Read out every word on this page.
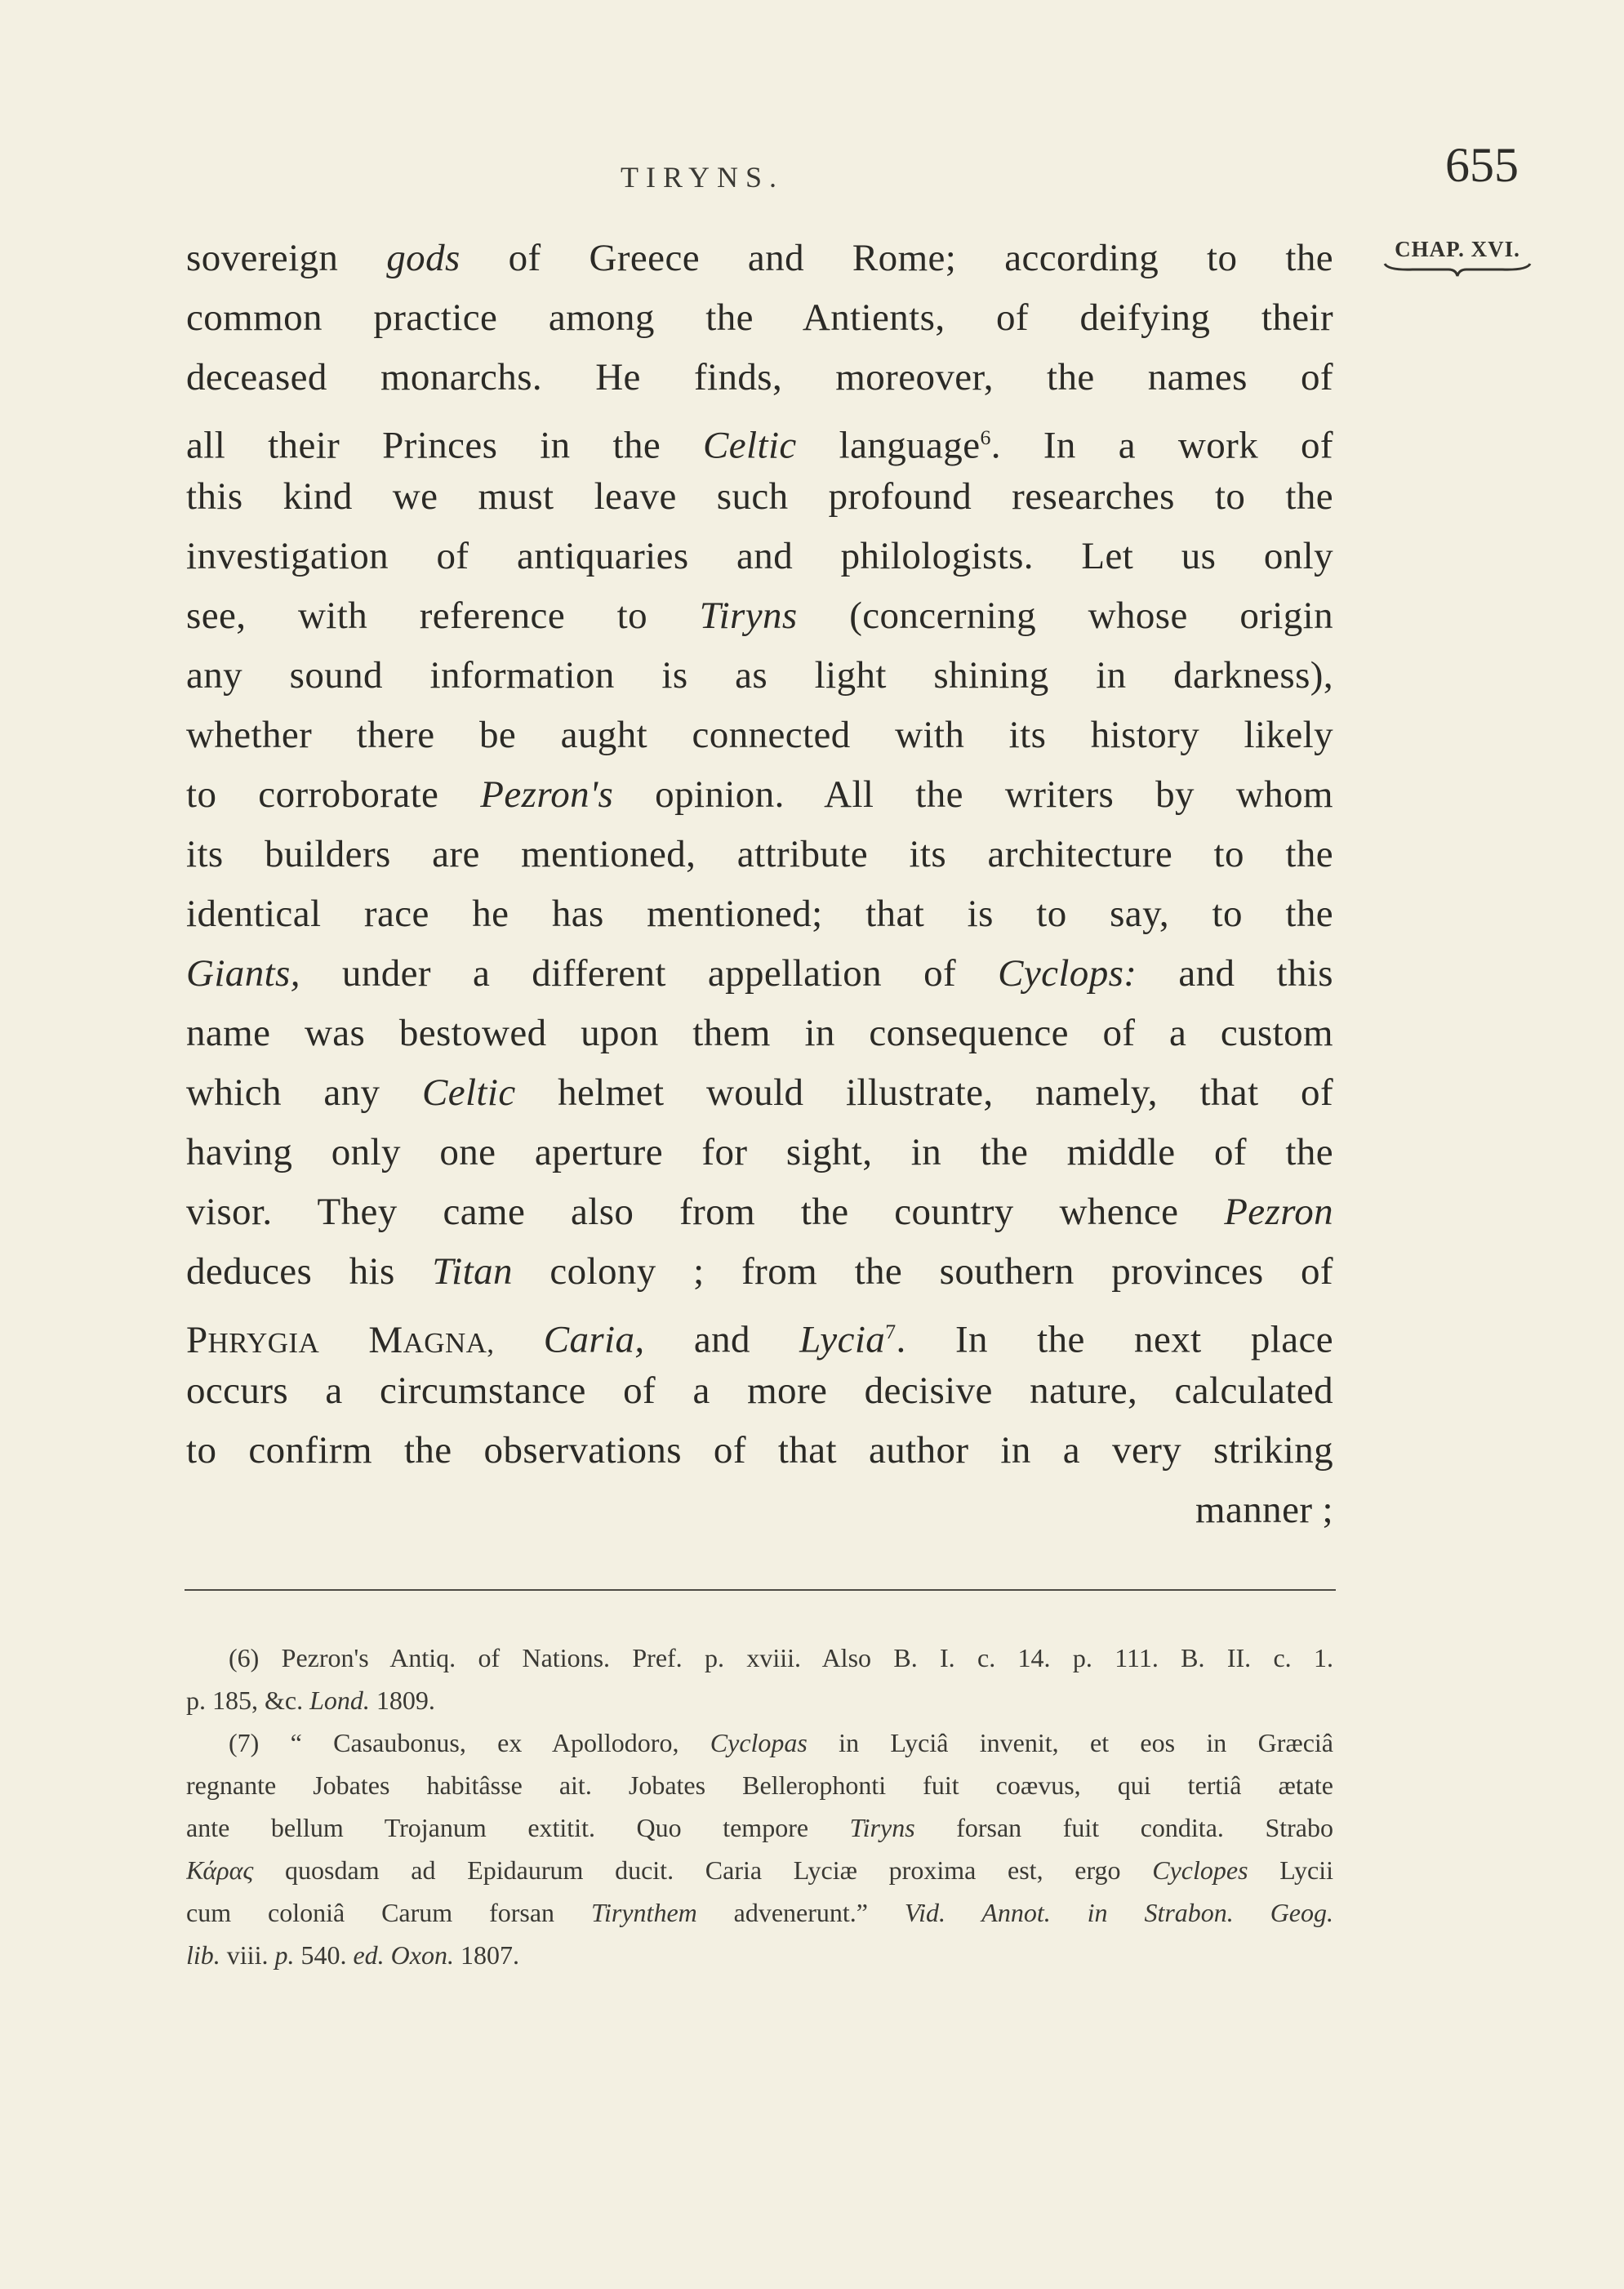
TIRYNS.	655
CHAP. XVI.
sovereign gods of Greece and Rome; according to the
common practice among the Antients, of deifying their
deceased monarchs. He finds, moreover, the names of
all their Princes in the Celtic language$^6$. In a work of
this kind we must leave such profound researches to the
investigation of antiquaries and philologists. Let us only
see, with reference to Tiryns (concerning whose origin
any sound information is as light shining in darkness),
whether there be aught connected with its history likely
to corroborate Pezron's opinion. All the writers by whom
its builders are mentioned, attribute its architecture to the
identical race he has mentioned; that is to say, to the
Giants, under a different appellation of Cyclops: and this
name was bestowed upon them in consequence of a custom
which any Celtic helmet would illustrate, namely, that of
having only one aperture for sight, in the middle of the
visor. They came also from the country whence Pezron
deduces his Titan colony ; from the southern provinces of
PHRYGIA MAGNA, Caria, and Lycia$^7$. In the next place
occurs a circumstance of a more decisive nature, calculated
to confirm the observations of that author in a very striking
manner ;
(6) Pezron's Antiq. of Nations. Pref. p. xviii. Also B. I. c. 14. p. 111. B. II. c. 1.
p. 185, &c. Lond. 1809.
(7) “ Casaubonus, ex Apollodoro, Cyclopas in Lyciâ invenit, et eos in Græciâ
regnante Jobates habitâsse ait. Jobates Bellerophonti fuit coævus, qui tertiâ ætate
ante bellum Trojanum extitit. Quo tempore Tiryns forsan fuit condita. Strabo
Κάρας quosdam ad Epidaurum ducit. Caria Lyciæ proxima est, ergo Cyclopes Lycii
cum coloniâ Carum forsan Tirynthem advenerunt.” Vid. Annot. in Strabon. Geog.
lib. viii. p. 540. ed. Oxon. 1807.
